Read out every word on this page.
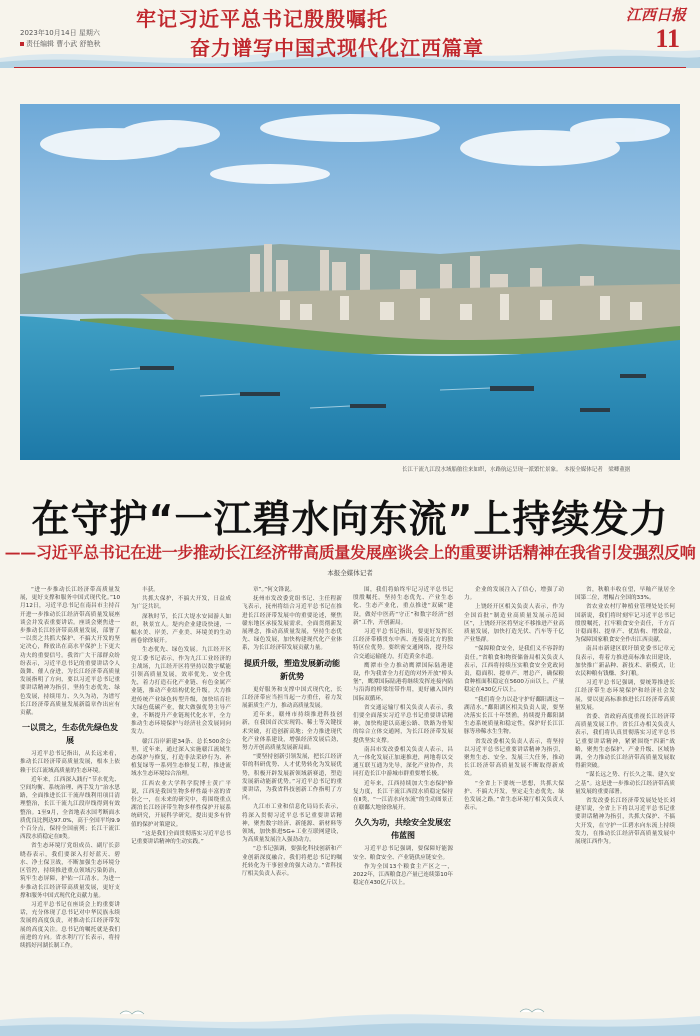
2023年10月14日 星期六
责任编辑 曹小武 舒艳秋
牢记习近平总书记殷殷嘱托
奋力谱写中国式现代化江西篇章
江西日报
11
长江干流九江段水域船舶往来如织，水路航运呈现一派繁忙景象。　本报全媒体记者　梁卿董据
在守护“一江碧水向东流”上持续发力
——习近平总书记在进一步推动长江经济带高质量发展座谈会上的重要讲话精神在我省引发强烈反响
本报全媒体记者

“进一步推动长江经济带高质量发展，更好支撑和服务中国式现代化。”10月12日，习近平总书记在南昌市主持召开进一步推动长江经济带高质量发展座谈会并发表重要讲话。座谈会聚焦进一步推动长江经济带高质量发展，部署了一以贯之共抓大保护、不搞大开发的坚定决心，释放出在高水平保护上下更大功夫的重要信号。我省广大干部群众纷纷表示，习近平总书记的重要讲话令人鼓舞、催人奋进，为长江经济带高质量发展指明了方向，要以习近平总书记重要讲话精神为指引，坚持生态优先、绿色发展，持续用力、久久为功，为谱写长江经济带高质量发展新篇章作出应有贡献。

一以贯之，生态优先绿色发展

习近平总书记指出，从长远来看，推动长江经济带高质量发展，根本上依赖于长江流域高质量的生态环境。

近年来，江西深入践行“节水优先、空间均衡、系统治理、两手发力”治水思路，全面推进长江干流岸线利用项目清理整治，长江干流九江段岸线得到有效整治。1至9月，全省地表水国考断面水质优良比例达97.0%，高于全国平均9.9个百分点，保持全国前列；长江干流江西段水质稳定在Ⅱ类。

省生态环境厅党组成员、副厅长彭晓春表示，我们要深入打好蓝天、碧水、净土保卫战，不断加强生态环境分区管控，持续推进重点领域污染防治，筑牢生态屏障，护佑一江清水。为进一步推动长江经济带高质量发展，更好支撑和服务中国式现代化贡献力量。

习近平总书记在座谈会上的重要讲话，充分体现了总书记对中华民族永续发展的高度负责，对推动长江经济带发展的高度关注。总书记的嘱托就是我们前进的方向。省水利厅厅长表示，将持续抓好河湖长制工作。

丰获。

共抓大保护，不搞大开发，日益成为广泛共识。

深秋时节，长江大堤水安园游人如织，秋景宜人。堤内企业建设快速，一幅水美、岸美、产业美、环境美的生动画卷徐徐展开。

生态优先、绿色发展。九江经开区党工委书记表示，作为九江工业经济的主战场，九江经开区将坚持以数字赋能引领高质量发展，效率优先、安全优先，着力打造石化产业链、有色金属产业链，推动产业结构优化升级。大力推进传统产业绿色转型升级，加快培育壮大绿色低碳产业，做大做强优势主导产业，不断提升产业链现代化水平，全力推动生态环境保护与经济社会发展同向发力。

赣江沿岸新建34条、总长500余公里，近年来，通过深入实施赣江流域生态保护与修复，打造非法采砂行为、补植复绿等一系列生态修复工程，推进流域水生态环境综合治理。

江西农业大学科学院博士黄广平说，江西是我国生物多样性最丰富的省份之一，在未来的研究中，将围绕重点湖泊长江经济带生物多样性保护开展系统研究，开展科学研究，提出更多有价值的保护对策建议。

“这是我们全面贯彻落实习近平总书记重要讲话精神的生动实践。”

章”。”何文锋说。

抚州市发改委党组书记、主任程新飞表示，抚州将结合习近平总书记在推进长江经济带发展中的重要论述，聚焦赣东地区承接发展需求，全面贯彻新发展理念，推动高质量发展，坚持生态优先、绿色发展，加快构建现代化产业体系，为长江经济带发展贡献力量。

提质升级，塑造发展新动能新优势

更好服务和支撑中国式现代化，长江经济带应当担当起一方重任，着力发展新质生产力，推动高质量发展。

近年来，赣州市持续推进科技创新，在我国首次实现钨、稀土等关键技术突破，打造创新高地；全力推进现代化产业体系建设，增强经济发展后劲，努力开创高质量发展新局面。

“要坚持创新引领发展，把长江经济带的科研优势、人才优势转化为发展优势，积极开辟发展新领域新赛道，塑造发展新动能新优势。”习近平总书记的重要讲话，为我省科技创新工作指明了方向。

九江市工业和信息化局局长表示，将深入贯彻习近平总书记重要讲话精神，聚焦数字经济、新能源、新材料等领域，加快推进5G+工业互联网建设，为高质量发展注入强劲动力。

“总书记强调，要强化科技创新和产业创新深度融合，我们将把总书记的嘱托转化为干事创业的强大动力。”省科技厅相关负责人表示。

围，我们将始终牢记习近平总书记殷殷嘱托，坚持生态优先、产业生态化、生态产业化，重点推进“双碳”建设，做好中医药“守正”和数字经济“创新”工作，开创新局。

习近平总书记指出，要更好发挥长江经济带横贯东中西、连接南北方的独特区位优势。要织密交通网络，提升综合交通运输能力，打造黄金水道。

鹰潭市全力推动鹰潭国际陆港建设，作为我省全力打造的对外开放“桥头堡”，鹰潭国际陆港将继续发挥连接内陆与沿海的桥梁纽带作用，更好融入国内国际双循环。

省交通运输厅相关负责人表示，我们要全面落实习近平总书记重要讲话精神，加快构建以高速公路、铁路为骨架的综合立体交通网，为长江经济带发展提供坚实支撑。

南昌市发改委相关负责人表示，昌九一体化发展正加速推进，两地将以交通互联互通为先导，深化产业协作，共同打造长江中游城市群重要增长极。

近年来，江西持续加大生态保护修复力度，长江干流江西段水质稳定保持在Ⅱ类，“一江清水向东流”的生动图景正在赣鄱大地徐徐展开。

久久为功，共绘安全发展宏伟蓝图

习近平总书记强调，要保障好能源安全、粮食安全、产业链供应链安全。

作为全国13个粮食主产区之一，2022年，江西粮食总产量已连续第10年稳定在430亿斤以上。

企业的发展注入了信心，增强了动力。

上饶经开区相关负责人表示，作为全国首批“制造业高质量发展示范园区”，上饶经开区将坚定不移推进产业高质量发展，加快打造光伏、汽车等千亿产业集群。

“保障粮食安全，是我们义不容辞的责任。”省粮食和物资储备局相关负责人表示，江西将持续压实粮食安全党政同责，稳面积、提单产、增总产，确保粮食种植面积稳定在5600万亩以上，产量稳定在430亿斤以上。

“我们将全力以赴守护好鄱阳湖这一湖清水。”鄱阳湖区相关负责人说，要坚决落实长江十年禁渔，持续提升鄱阳湖生态系统质量和稳定性，保护好长江江豚等珍稀水生生物。

省发改委相关负责人表示，将坚持以习近平总书记重要讲话精神为指引，聚焦生态、安全、发展三大任务，推动长江经济带高质量发展不断取得新成效。

“全省上下要统一思想，共抓大保护、不搞大开发，坚定走生态优先、绿色发展之路。”省生态环境厅相关负责人表示。

省，秋粮丰收在望，早籼产量居全国第二位，增幅占全国的33%。

省农业农村厅种植业管理处处长何国新说，我们将时刻牢记习近平总书记殷殷嘱托，扛牢粮食安全责任，千方百计稳面积、提单产、优结构、增效益，为保障国家粮食安全作出江西贡献。

南昌市新建区联圩镇党委书记章元良表示，将着力推进高标准农田建设，加快推广新品种、新技术、新模式，让农民种粮有钱赚、多打粮。

习近平总书记强调，要统筹推进长江经济带生态环境保护和经济社会发展，要以更高标准推进长江经济带高质量发展。

省委、省政府高度重视长江经济带高质量发展工作。省长江办相关负责人表示，我们将认真贯彻落实习近平总书记重要讲话精神，紧紧围绕“四新”战略，聚焦生态保护、产业升级、区域协调，全力推动长江经济带高质量发展取得新突破。

“谋长远之势、行长久之策、建久安之基”。这是进一步推动长江经济带高质量发展的重要部署。

省发改委长江经济带发展处处长刘建军说，全省上下将以习近平总书记重要讲话精神为指引，共抓大保护、不搞大开发，在守护一江碧水向东流上持续发力，在推动长江经济带高质量发展中展现江西作为。
